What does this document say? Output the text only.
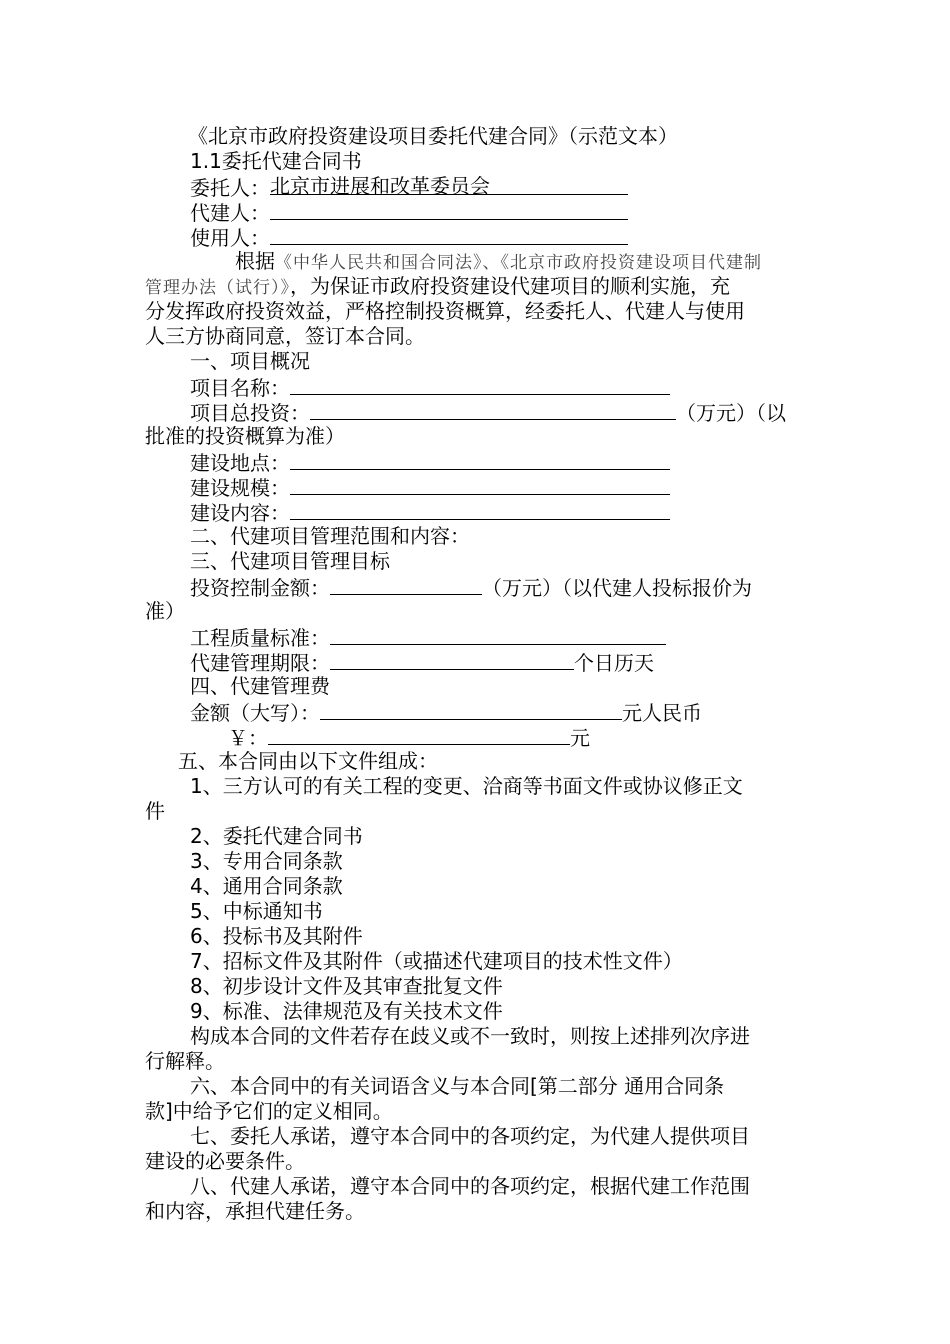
《北京市政府投资建设项目委托代建合同》（示范文本）
1.1委托代建合同书
委托人： 北京市进展和改革委员会
代建人：
使用人：
根据《中华人民共和国合同法》、《北京市政府投资建设项目代建制
管理办法（试行）》，为保证市政府投资建设代建项目的顺利实施，充
分发挥政府投资效益，严格控制投资概算，经委托人、代建人与使用
人三方协商同意，签订本合同。
一、项目概况
项目名称：
项目总投资：	（万元）（以
批准的投资概算为准）
建设地点：
建设规模：
建设内容：
二、代建项目管理范围和内容：
三、代建项目管理目标
投资控制金额：	（万元）（以代建人投标报价为
准）
工程质量标准：
代建管理期限：	个日历天
四、代建管理费
金额（大写）：	元人民币
￥：	元
五、本合同由以下文件组成：
1、三方认可的有关工程的变更、洽商等书面文件或协议修正文
件
2、委托代建合同书
3、专用合同条款
4、通用合同条款
5、中标通知书
6、投标书及其附件
7、招标文件及其附件（或描述代建项目的技术性文件）
8、初步设计文件及其审查批复文件
9、标准、法律规范及有关技术文件
构成本合同的文件若存在歧义或不一致时，则按上述排列次序进
行解释。
六、本合同中的有关词语含义与本合同[第二部分 通用合同条
款]中给予它们的定义相同。
七、委托人承诺，遵守本合同中的各项约定，为代建人提供项目
建设的必要条件。
八、代建人承诺，遵守本合同中的各项约定，根据代建工作范围
和内容，承担代建任务。
